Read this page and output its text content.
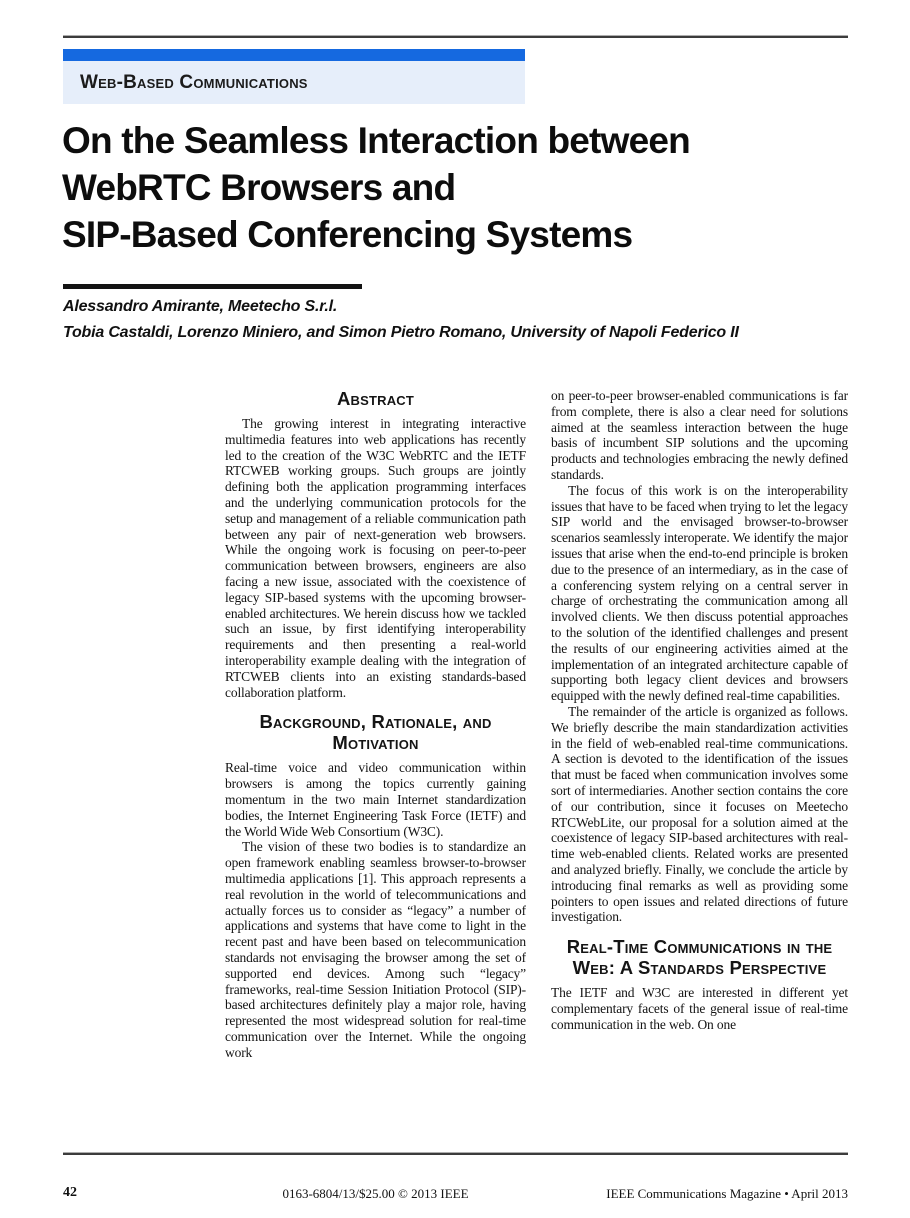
Web-Based Communications
On the Seamless Interaction between
WebRTC Browsers and
SIP-Based Conferencing Systems

Alessandro Amirante, Meetecho S.r.l.

Tobia Castaldi, Lorenzo Miniero, and Simon Pietro Romano, University of Napoli Federico II

Abstract

The growing interest in integrating interactive multimedia features into web applications has recently led to the creation of the W3C WebRTC and the IETF RTCWEB working groups. Such groups are jointly defining both the application programming interfaces and the underlying communication protocols for the setup and management of a reliable communication path between any pair of next-generation web browsers. While the ongoing work is focusing on peer-to-peer communication between browsers, engineers are also facing a new issue, associated with the coexistence of legacy SIP-based systems with the upcoming browser-enabled architectures. We herein discuss how we tackled such an issue, by first identifying interoperability requirements and then presenting a real-world interoperability example dealing with the integration of RTCWEB clients into an existing standards-based collaboration platform.

Background, Rationale, and Motivation

Real-time voice and video communication within browsers is among the topics currently gaining momentum in the two main Internet standardization bodies, the Internet Engineering Task Force (IETF) and the World Wide Web Consortium (W3C).

The vision of these two bodies is to standardize an open framework enabling seamless browser-to-browser multimedia applications [1]. This approach represents a real revolution in the world of telecommunications and actually forces us to consider as “legacy” a number of applications and systems that have come to light in the recent past and have been based on telecommunication standards not envisaging the browser among the set of supported end devices. Among such “legacy” frameworks, real-time Session Initiation Protocol (SIP)-based architectures definitely play a major role, having represented the most widespread solution for real-time communication over the Internet. While the ongoing work

on peer-to-peer browser-enabled communications is far from complete, there is also a clear need for solutions aimed at the seamless interaction between the huge basis of incumbent SIP solutions and the upcoming products and technologies embracing the newly defined standards.

The focus of this work is on the interoperability issues that have to be faced when trying to let the legacy SIP world and the envisaged browser-to-browser scenarios seamlessly interoperate. We identify the major issues that arise when the end-to-end principle is broken due to the presence of an intermediary, as in the case of a conferencing system relying on a central server in charge of orchestrating the communication among all involved clients. We then discuss potential approaches to the solution of the identified challenges and present the results of our engineering activities aimed at the implementation of an integrated architecture capable of supporting both legacy client devices and browsers equipped with the newly defined real-time capabilities.

The remainder of the article is organized as follows. We briefly describe the main standardization activities in the field of web-enabled real-time communications. A section is devoted to the identification of the issues that must be faced when communication involves some sort of intermediaries. Another section contains the core of our contribution, since it focuses on Meetecho RTCWebLite, our proposal for a solution aimed at the coexistence of legacy SIP-based architectures with real-time web-enabled clients. Related works are presented and analyzed briefly. Finally, we conclude the article by introducing final remarks as well as providing some pointers to open issues and related directions of future investigation.

Real-Time Communications in the Web: A Standards Perspective

The IETF and W3C are interested in different yet complementary facets of the general issue of real-time communication in the web. On one

42	0163-6804/13/$25.00 © 2013 IEEE	IEEE Communications Magazine • April 2013
